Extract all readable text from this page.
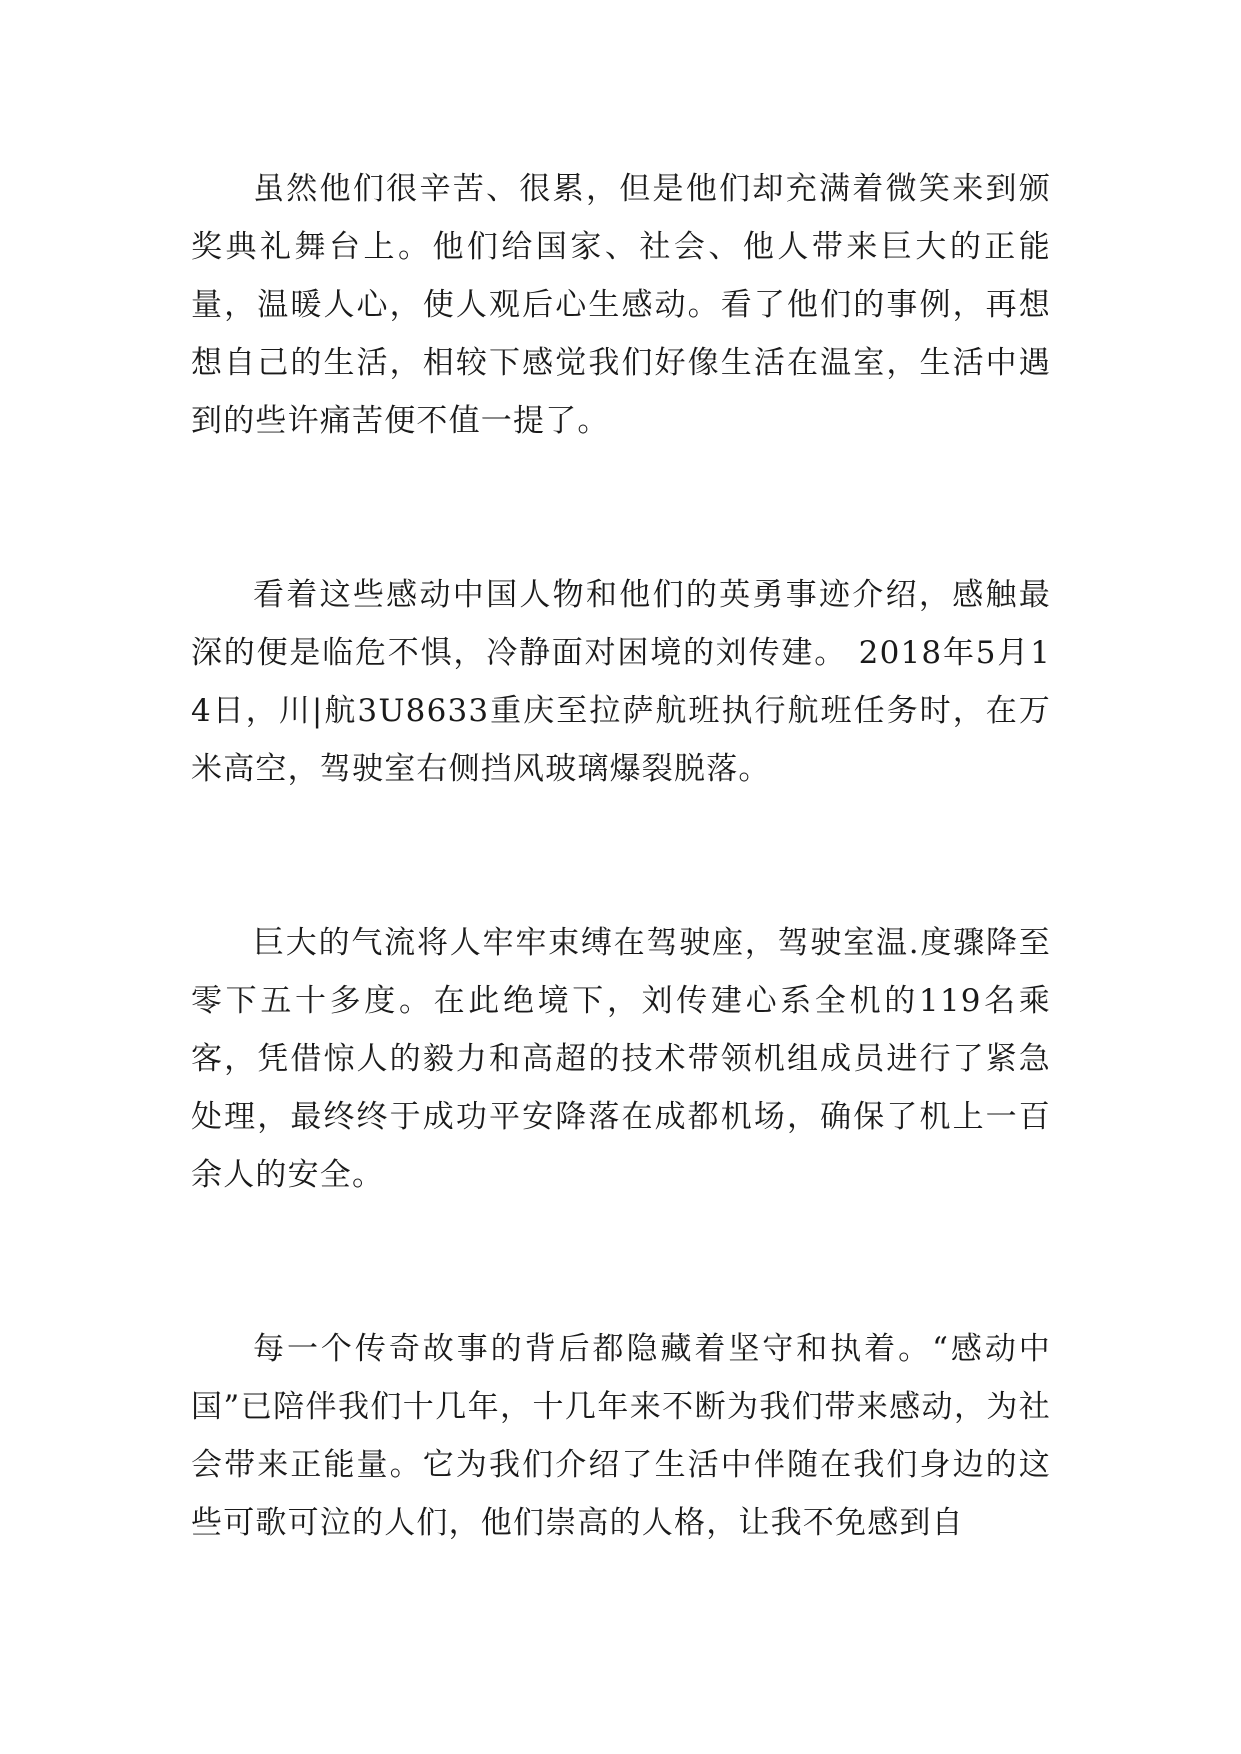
虽然他们很辛苦、很累，但是他们却充满着微笑来到颁奖典礼舞台上。他们给国家、社会、他人带来巨大的正能量，温暖人心，使人观后心生感动。看了他们的事例，再想想自己的生活，相较下感觉我们好像生活在温室，生活中遇到的些许痛苦便不值一提了。

看着这些感动中国人物和他们的英勇事迹介绍，感触最深的便是临危不惧，冷静面对困境的刘传建。 2018年5月14日，川|航3U8633重庆至拉萨航班执行航班任务时，在万米高空，驾驶室右侧挡风玻璃爆裂脱落。

巨大的气流将人牢牢束缚在驾驶座，驾驶室温.度骤降至零下五十多度。在此绝境下，刘传建心系全机的119名乘客，凭借惊人的毅力和高超的技术带领机组成员进行了紧急处理，最终终于成功平安降落在成都机场，确保了机上一百余人的安全。

每一个传奇故事的背后都隐藏着坚守和执着。“感动中国”已陪伴我们十几年，十几年来不断为我们带来感动，为社会带来正能量。它为我们介绍了生活中伴随在我们身边的这些可歌可泣的人们，他们崇高的人格，让我不免感到自
